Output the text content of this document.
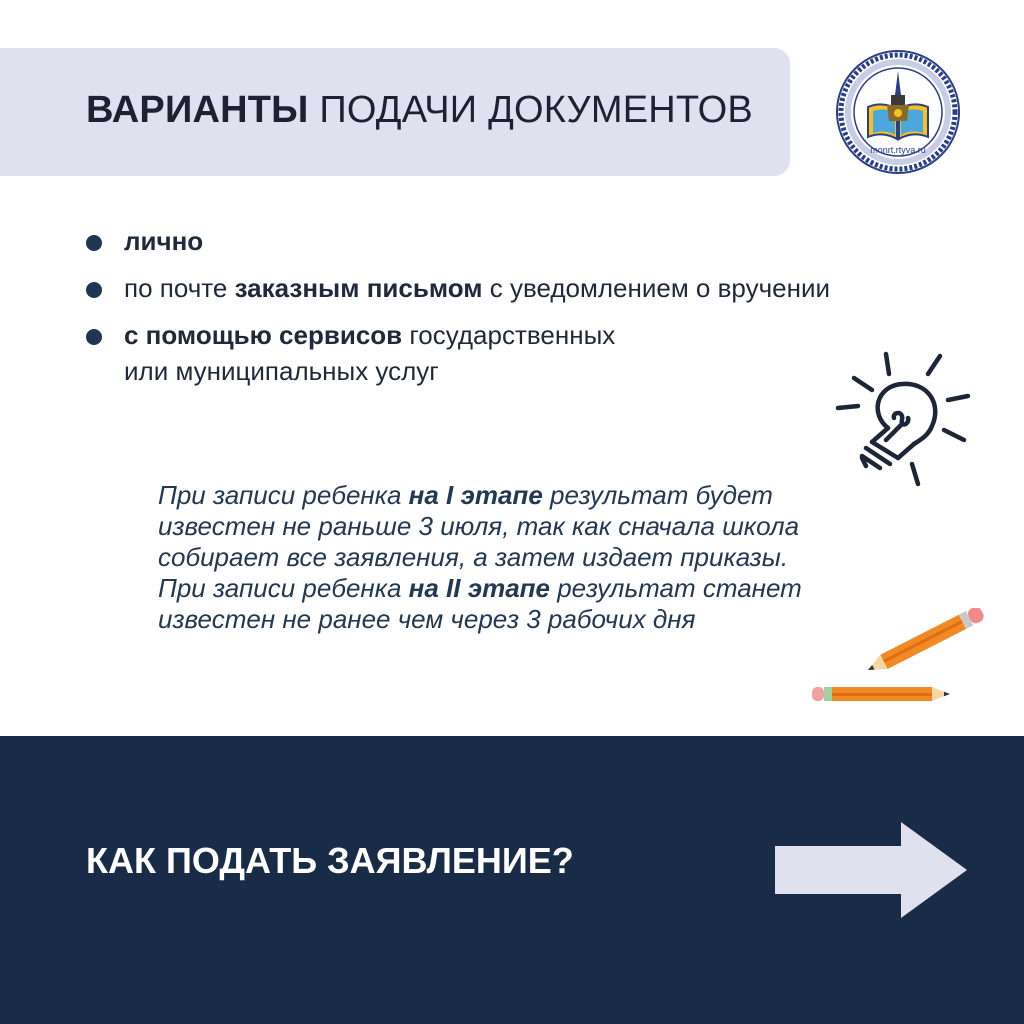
ВАРИАНТЫ ПОДАЧИ ДОКУМЕНТОВ
monrt.rtyva.ru
лично
по почте заказным письмом с уведомлением о вручении
с помощью сервисов государственных
или муниципальных услуг

При записи ребенка на I этапе результат будет

известен не раньше 3 июля, так как сначала школа

собирает все заявления, а затем издает приказы.

При записи ребенка на II этапе результат станет

известен не ранее чем через 3 рабочих дня

КАК ПОДАТЬ ЗАЯВЛЕНИЕ?
